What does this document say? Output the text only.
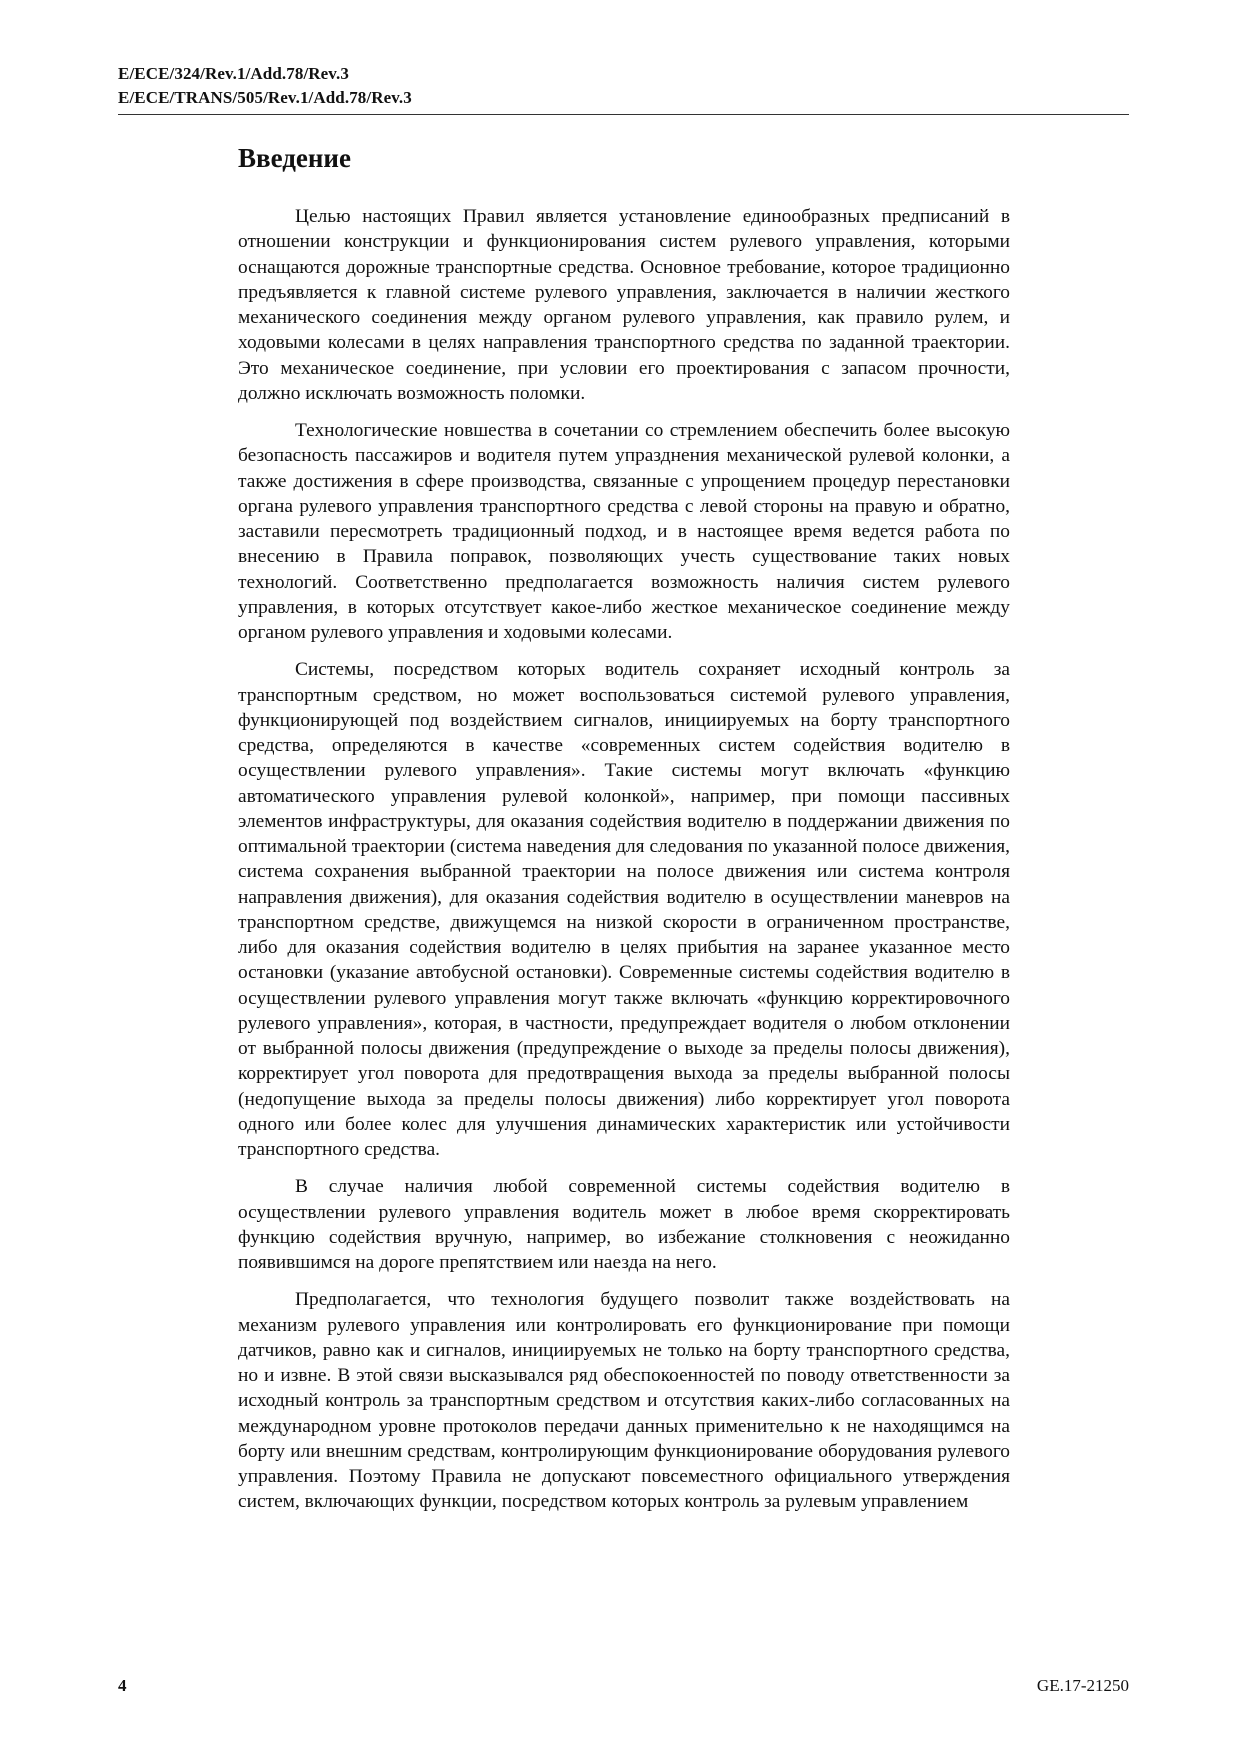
E/ECE/324/Rev.1/Add.78/Rev.3
E/ECE/TRANS/505/Rev.1/Add.78/Rev.3
Введение

Целью настоящих Правил является установление единообразных предписаний в отношении конструкции и функционирования систем рулевого управления, которыми оснащаются дорожные транспортные средства. Основное требование, которое традиционно предъявляется к главной системе рулевого управления, заключается в наличии жесткого механического соединения между органом рулевого управления, как правило рулем, и ходовыми колесами в целях направления транспортного средства по заданной траектории. Это механическое соединение, при условии его проектирования с запасом прочности, должно исключать возможность поломки.

Технологические новшества в сочетании со стремлением обеспечить более высокую безопасность пассажиров и водителя путем упразднения механической рулевой колонки, а также достижения в сфере производства, связанные с упрощением процедур перестановки органа рулевого управления транспортного средства с левой стороны на правую и обратно, заставили пересмотреть традиционный подход, и в настоящее время ведется работа по внесению в Правила поправок, позволяющих учесть существование таких новых технологий. Соответственно предполагается возможность наличия систем рулевого управления, в которых отсутствует какое-либо жесткое механическое соединение между органом рулевого управления и ходовыми колесами.

Системы, посредством которых водитель сохраняет исходный контроль за транспортным средством, но может воспользоваться системой рулевого управления, функционирующей под воздействием сигналов, инициируемых на борту транспортного средства, определяются в качестве «современных систем содействия водителю в осуществлении рулевого управления». Такие системы могут включать «функцию автоматического управления рулевой колонкой», например, при помощи пассивных элементов инфраструктуры, для оказания содействия водителю в поддержании движения по оптимальной траектории (система наведения для следования по указанной полосе движения, система сохранения выбранной траектории на полосе движения или система контроля направления движения), для оказания содействия водителю в осуществлении маневров на транспортном средстве, движущемся на низкой скорости в ограниченном пространстве, либо для оказания содействия водителю в целях прибытия на заранее указанное место остановки (указание автобусной остановки). Современные системы содействия водителю в осуществлении рулевого управления могут также включать «функцию корректировочного рулевого управления», которая, в частности, предупреждает водителя о любом отклонении от выбранной полосы движения (предупреждение о выходе за пределы полосы движения), корректирует угол поворота для предотвращения выхода за пределы выбранной полосы (недопущение выхода за пределы полосы движения) либо корректирует угол поворота одного или более колес для улучшения динамических характеристик или устойчивости транспортного средства.

В случае наличия любой современной системы содействия водителю в осуществлении рулевого управления водитель может в любое время скорректировать функцию содействия вручную, например, во избежание столкновения с неожиданно появившимся на дороге препятствием или наезда на него.

Предполагается, что технология будущего позволит также воздействовать на механизм рулевого управления или контролировать его функционирование при помощи датчиков, равно как и сигналов, инициируемых не только на борту транспортного средства, но и извне. В этой связи высказывался ряд обеспокоенностей по поводу ответственности за исходный контроль за транспортным средством и отсутствия каких-либо согласованных на международном уровне протоколов передачи данных применительно к не находящимся на борту или внешним средствам, контролирующим функционирование оборудования рулевого управления. Поэтому Правила не допускают повсеместного официального утверждения систем, включающих функции, посредством которых контроль за рулевым управлением

4	GE.17-21250
